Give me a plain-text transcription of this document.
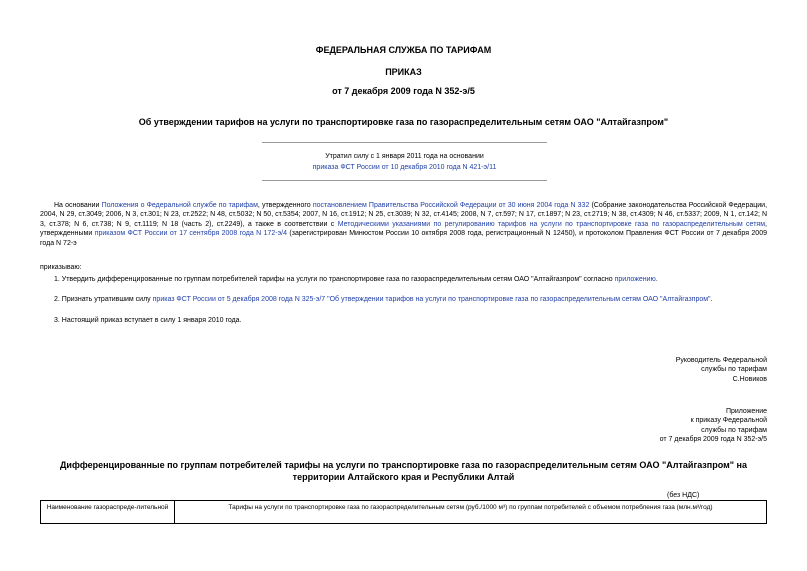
ФЕДЕРАЛЬНАЯ СЛУЖБА ПО ТАРИФАМ
ПРИКАЗ
от 7 декабря 2009 года N 352-э/5
Об утверждении тарифов на услуги по транспортировке газа по газораспределительным сетям ОАО "Алтайгазпром"
Утратил силу с 1 января 2011 года на основании
приказа ФСТ России от 10 декабря 2010 года N 421-э/11
На основании Положения о Федеральной службе по тарифам, утвержденного постановлением Правительства Российской Федерации от 30 июня 2004 года N 332 (Собрание законодательства Российской Федерации, 2004, N 29, ст.3049; 2006, N 3, ст.301; N 23, ст.2522; N 48, ст.5032; N 50, ст.5354; 2007, N 16, ст.1912; N 25, ст.3039; N 32, ст.4145; 2008, N 7, ст.597; N 17, ст.1897; N 23, ст.2719; N 38, ст.4309; N 46, ст.5337; 2009, N 1, ст.142; N 3, ст.378; N 6, ст.738; N 9, ст.1119; N 18 (часть 2), ст.2249), а также в соответствии с Методическими указаниями по регулированию тарифов на услуги по транспортировке газа по газораспределительным сетям, утвержденными приказом ФСТ России от 17 сентября 2008 года N 172-э/4 (зарегистрирован Минюстом России 10 октября 2008 года, регистрационный N 12450), и протоколом Правления ФСТ России от 7 декабря 2009 года N 72-э
приказываю:
1. Утвердить дифференцированные по группам потребителей тарифы на услуги по транспортировке газа по газораспределительным сетям ОАО "Алтайгазпром" согласно приложению.
2. Признать утратившим силу приказ ФСТ России от 5 декабря 2008 года N 325-э/7 "Об утверждении тарифов на услуги по транспортировке газа по газораспределительным сетям ОАО "Алтайгазпром".
3. Настоящий приказ вступает в силу 1 января 2010 года.
Руководитель Федеральной
службы по тарифам
С.Новиков
Приложение
к приказу Федеральной
службы по тарифам
от 7 декабря 2009 года N 352-э/5
Дифференцированные по группам потребителей тарифы на услуги по транспортировке газа по газораспределительным сетям ОАО "Алтайгазпром" на территории Алтайского края и Республики Алтай
(без НДС)
Наименование газораспреде-лительной	Тарифы на услуги по транспортировке газа по газораспределительным сетям (руб./1000 м³) по группам потребителей с объемом потребления газа (млн.м³/год)
